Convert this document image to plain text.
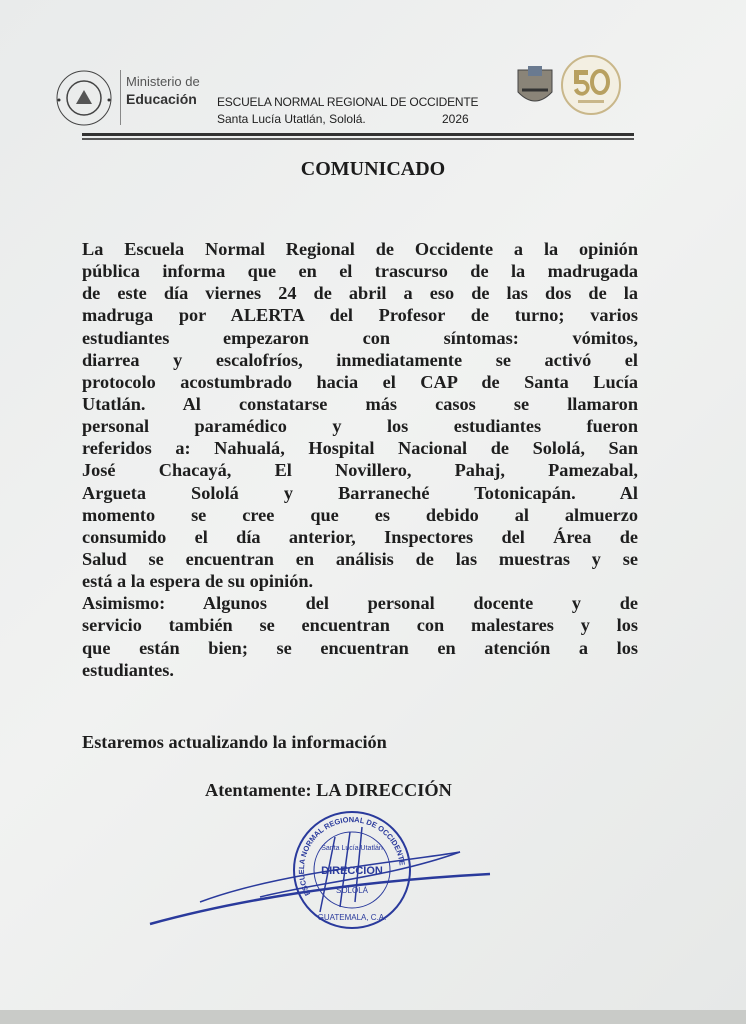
Ministerio de
Educación ESCUELA NORMAL REGIONAL DE OCCIDENTE
Santa Lucía Utatlán, Sololá.	2026
COMUNICADO
La Escuela Normal Regional de Occidente a la opinión
pública informa que en el trascurso de la madrugada
de este día viernes 24 de abril a eso de las dos de la
madruga por ALERTA del Profesor de turno; varios
estudiantes empezaron con síntomas: vómitos,
diarrea y escalofríos, inmediatamente se activó el
protocolo acostumbrado hacia el CAP de Santa Lucía
Utatlán. Al constatarse más casos se llamaron
personal paramédico y los estudiantes fueron
referidos a: Nahualá, Hospital Nacional de Sololá, San
José Chacayá, El Novillero, Pahaj, Pamezabal,
Argueta Sololá y Barraneché Totonicapán. Al
momento se cree que es debido al almuerzo
consumido el día anterior, Inspectores del Área de
Salud se encuentran en análisis de las muestras y se
está a la espera de su opinión.
Asimismo: Algunos del personal docente y de
servicio también se encuentran con malestares y los
que están bien; se encuentran en atención a los
estudiantes.
Estaremos actualizando la información
Atentamente: LA DIRECCIÓN
ESCUELA NORMAL REGIONAL DE OCCIDENTE
Santa Lucía Utatlán
DIRECCIÓN
SOLOLÁ
GUATEMALA, C.A.
